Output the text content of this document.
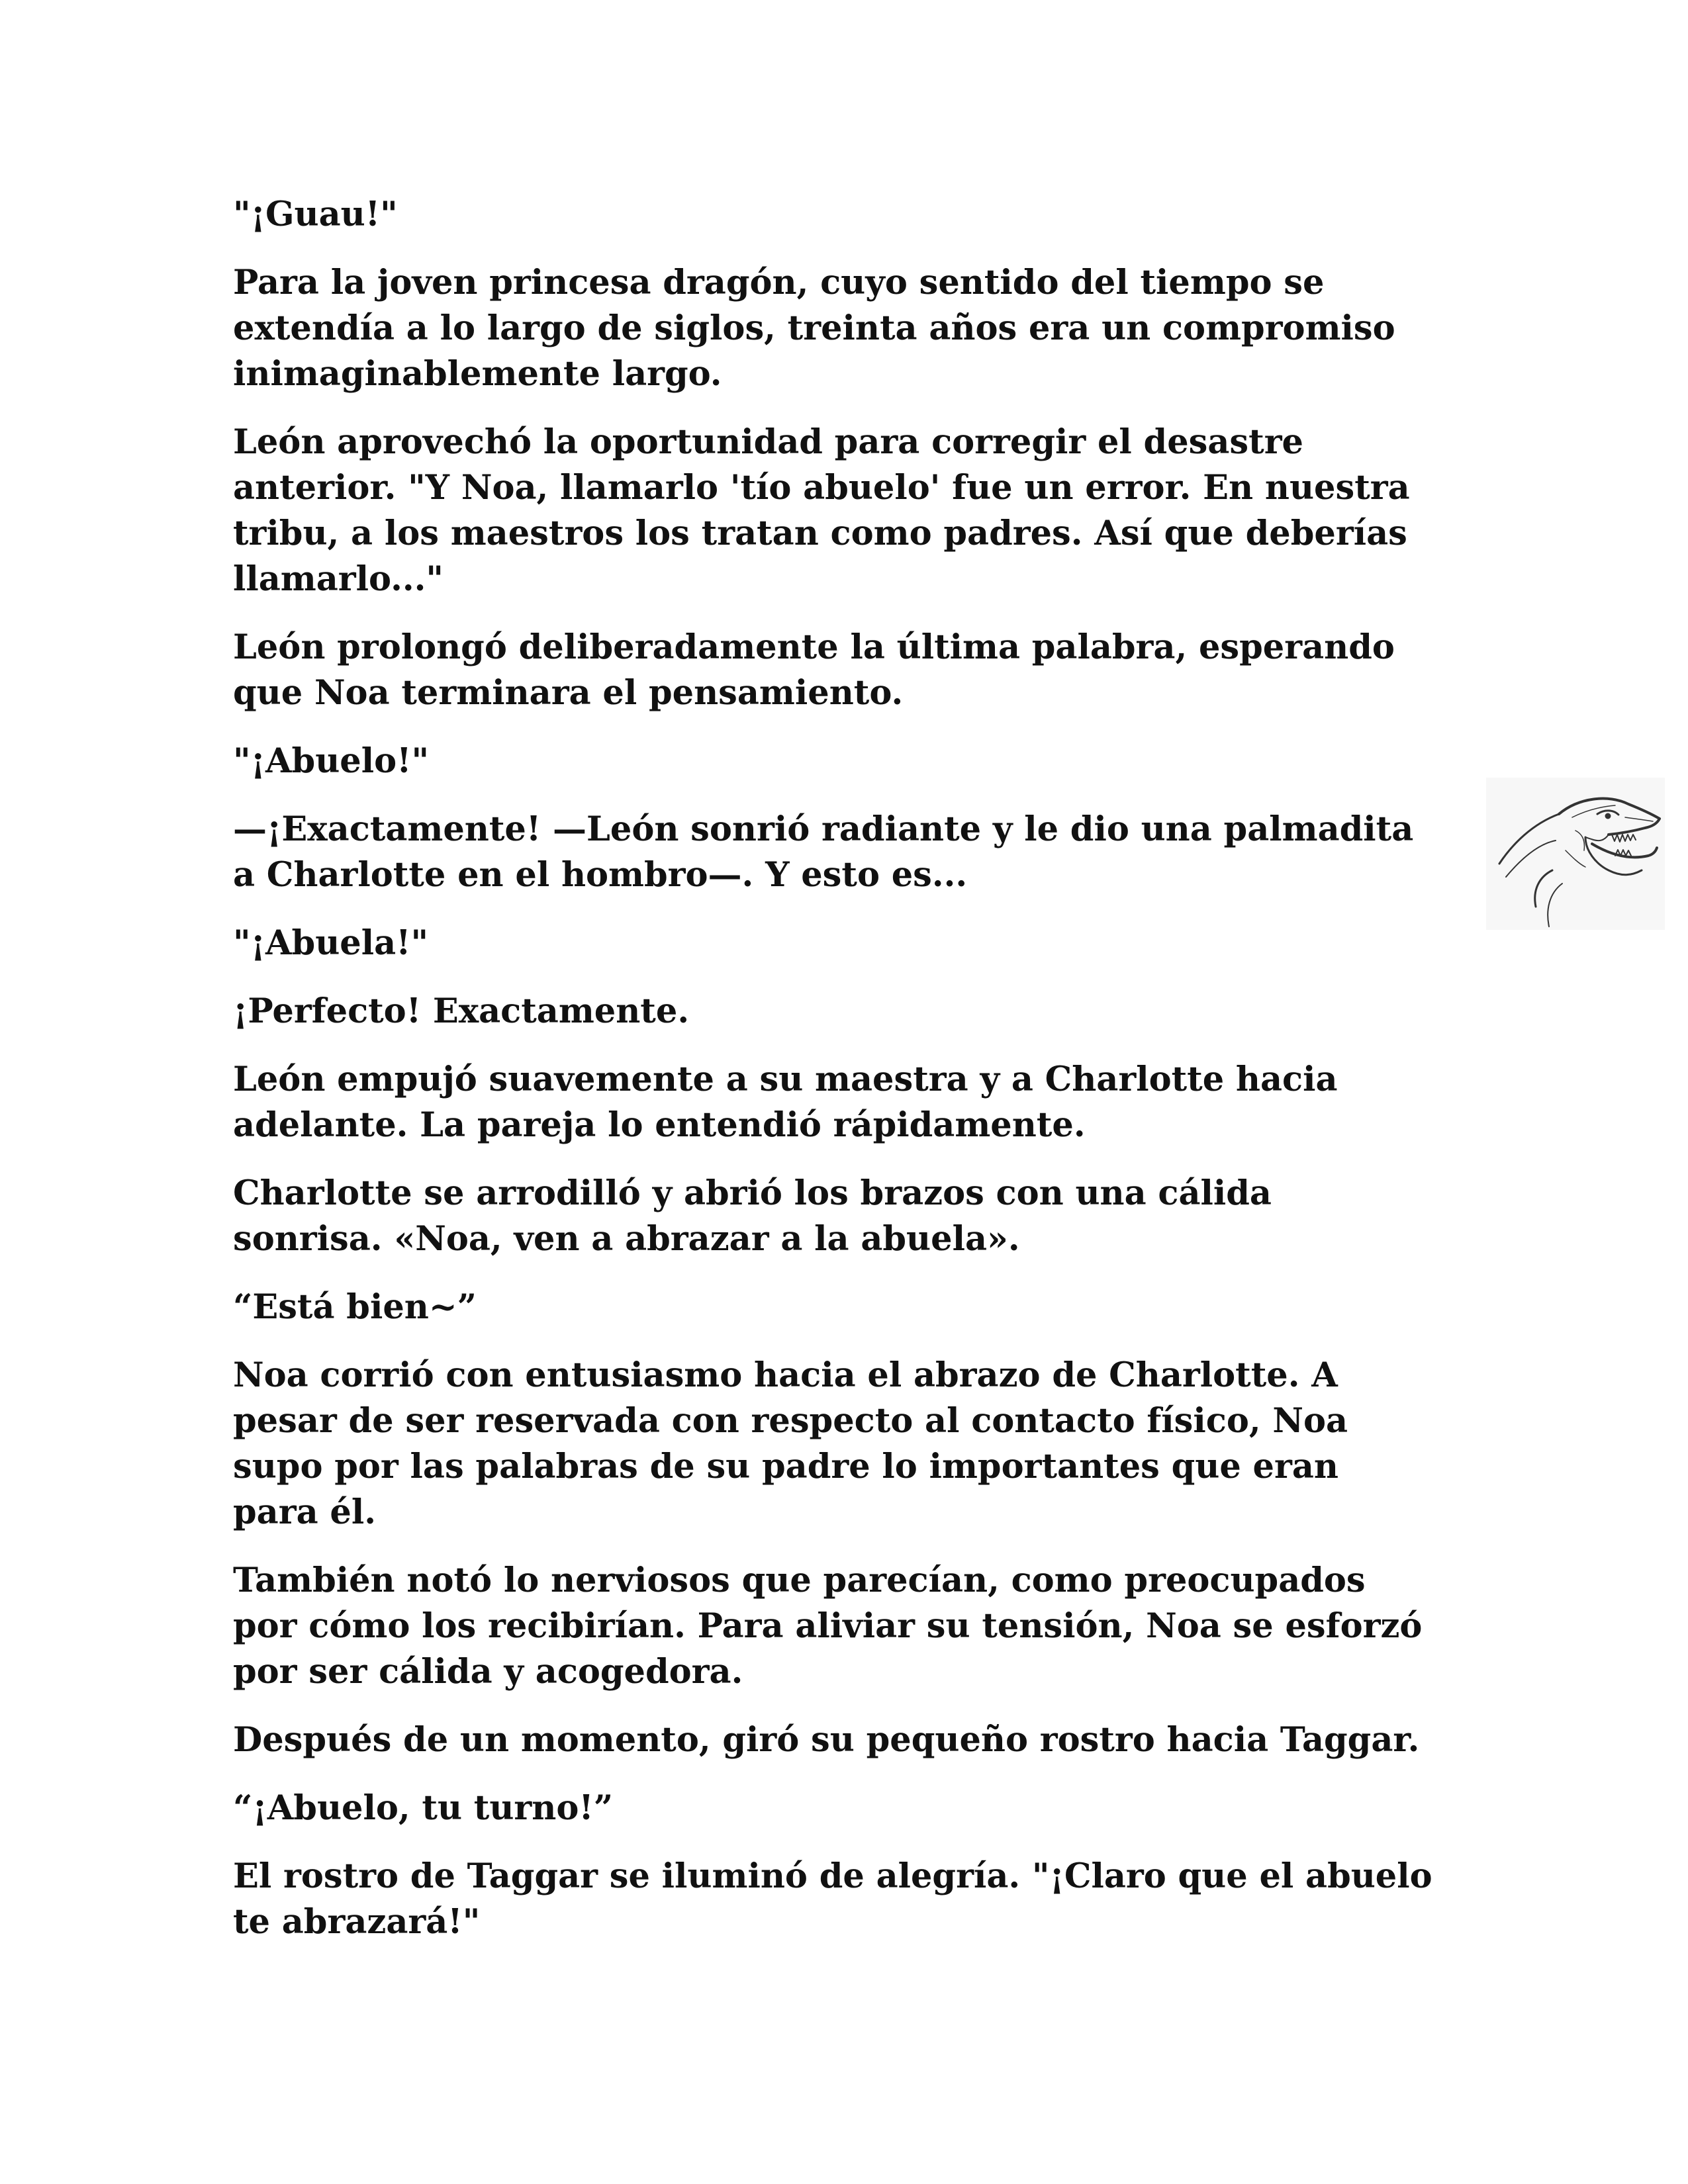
"¡Guau!"

Para la joven princesa dragón, cuyo sentido del tiempo se
extendía a lo largo de siglos, treinta años era un compromiso
inimaginablemente largo.

León aprovechó la oportunidad para corregir el desastre
anterior. "Y Noa, llamarlo 'tío abuelo' fue un error. En nuestra
tribu, a los maestros los tratan como padres. Así que deberías
llamarlo..."

León prolongó deliberadamente la última palabra, esperando
que Noa terminara el pensamiento.

"¡Abuelo!"

—¡Exactamente! —León sonrió radiante y le dio una palmadita
a Charlotte en el hombro—. Y esto es...

"¡Abuela!"

¡Perfecto! Exactamente.

León empujó suavemente a su maestra y a Charlotte hacia
adelante. La pareja lo entendió rápidamente.

Charlotte se arrodilló y abrió los brazos con una cálida
sonrisa. «Noa, ven a abrazar a la abuela».

“Está bien~”

Noa corrió con entusiasmo hacia el abrazo de Charlotte. A
pesar de ser reservada con respecto al contacto físico, Noa
supo por las palabras de su padre lo importantes que eran
para él.

También notó lo nerviosos que parecían, como preocupados
por cómo los recibirían. Para aliviar su tensión, Noa se esforzó
por ser cálida y acogedora.

Después de un momento, giró su pequeño rostro hacia Taggar.

“¡Abuelo, tu turno!”

El rostro de Taggar se iluminó de alegría. "¡Claro que el abuelo
te abrazará!"
